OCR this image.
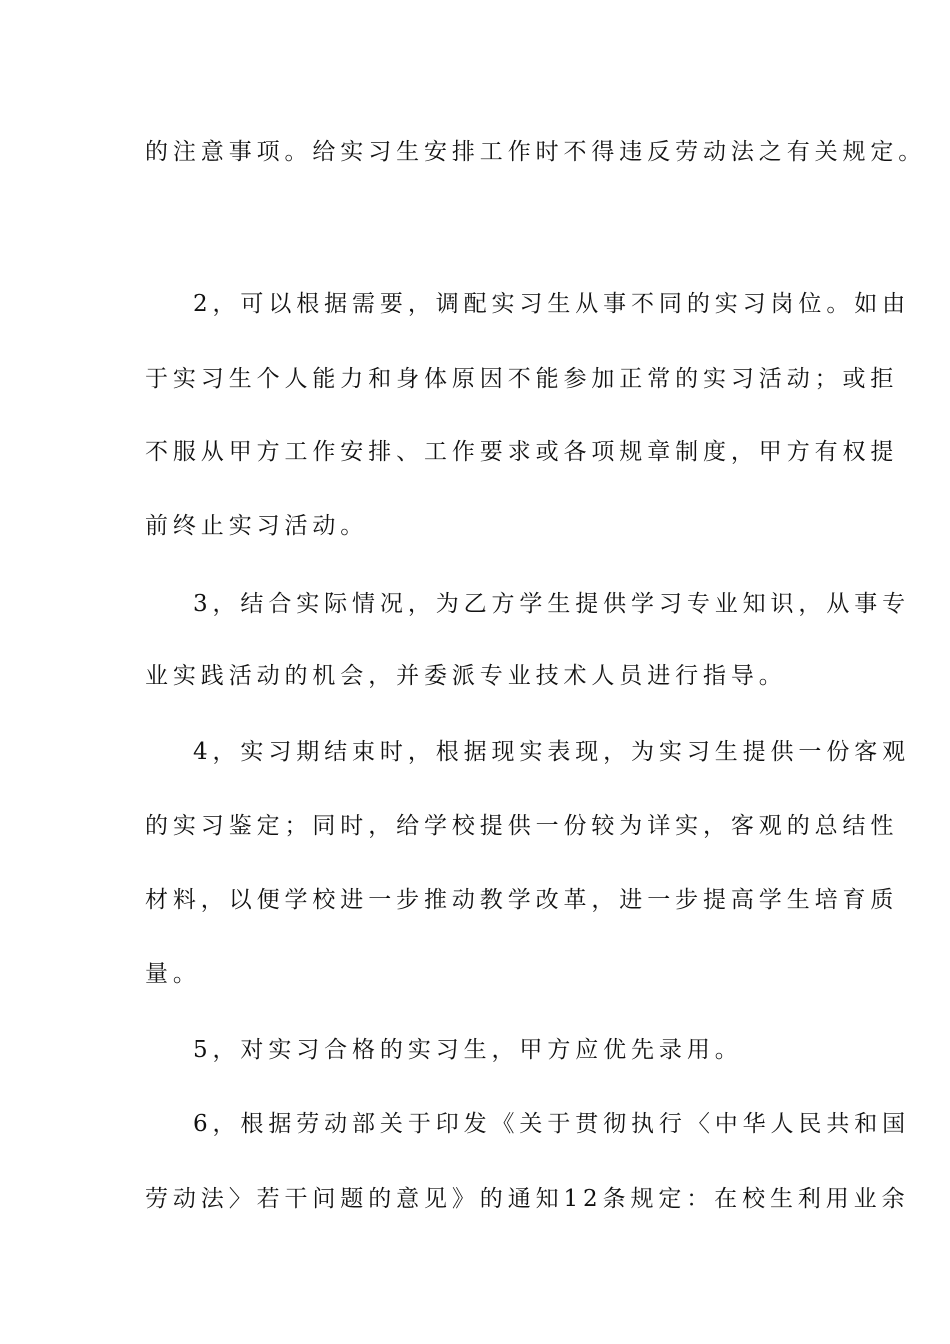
的注意事项。给实习生安排工作时不得违反劳动法之有关规定。
2，可以根据需要，调配实习生从事不同的实习岗位。如由
于实习生个人能力和身体原因不能参加正常的实习活动；或拒
不服从甲方工作安排、工作要求或各项规章制度，甲方有权提
前终止实习活动。
3，结合实际情况，为乙方学生提供学习专业知识，从事专
业实践活动的机会，并委派专业技术人员进行指导。
4，实习期结束时，根据现实表现，为实习生提供一份客观
的实习鉴定；同时，给学校提供一份较为详实，客观的总结性
材料，以便学校进一步推动教学改革，进一步提高学生培育质
量。
5，对实习合格的实习生，甲方应优先录用。
6，根据劳动部关于印发《关于贯彻执行〈中华人民共和国
劳动法〉若干问题的意见》的通知12条规定：在校生利用业余
